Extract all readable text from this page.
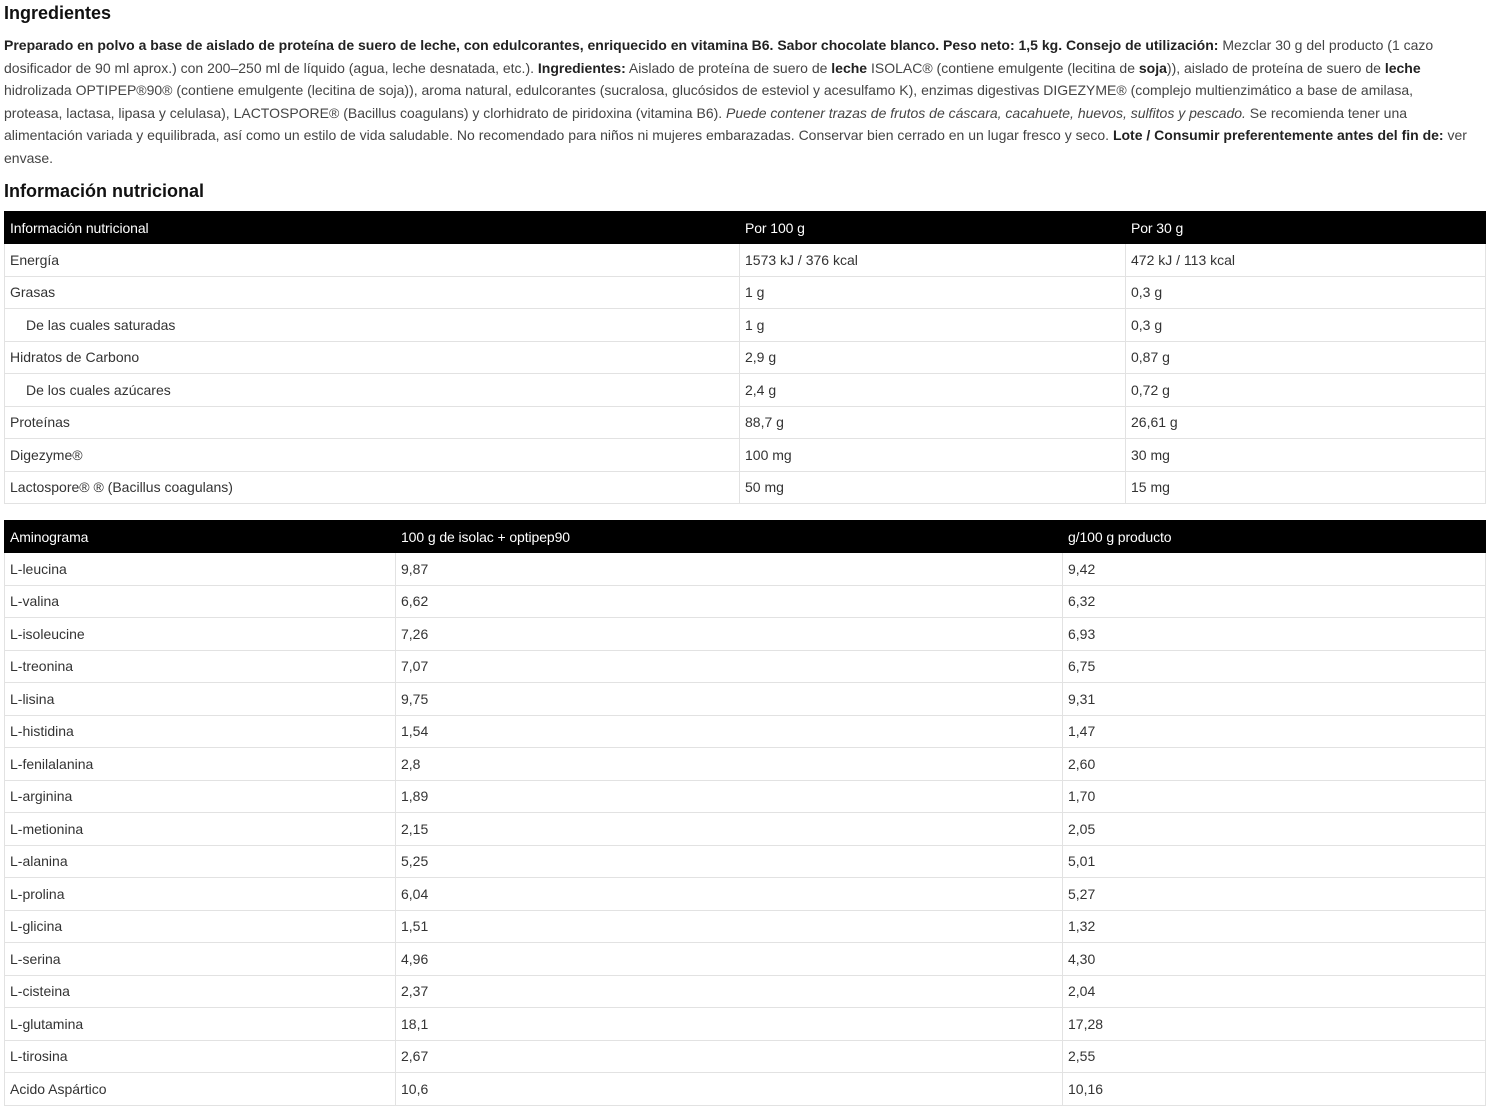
Ingredientes

Preparado en polvo a base de aislado de proteína de suero de leche, con edulcorantes, enriquecido en vitamina B6. Sabor chocolate blanco. Peso neto: 1,5 kg. Consejo de utilización: Mezclar 30 g del producto (1 cazo dosificador de 90 ml aprox.) con 200–250 ml de líquido (agua, leche desnatada, etc.). Ingredientes: Aislado de proteína de suero de leche ISOLAC® (contiene emulgente (lecitina de soja)), aislado de proteína de suero de leche hidrolizada OPTIPEP®90® (contiene emulgente (lecitina de soja)), aroma natural, edulcorantes (sucralosa, glucósidos de esteviol y acesulfamo K), enzimas digestivas DIGEZYME® (complejo multienzimático a base de amilasa, proteasa, lactasa, lipasa y celulasa), LACTOSPORE® (Bacillus coagulans) y clorhidrato de piridoxina (vitamina B6). Puede contener trazas de frutos de cáscara, cacahuete, huevos, sulfitos y pescado. Se recomienda tener una alimentación variada y equilibrada, así como un estilo de vida saludable. No recomendado para niños ni mujeres embarazadas. Conservar bien cerrado en un lugar fresco y seco. Lote / Consumir preferentemente antes del fin de: ver envase.

Información nutricional
Información nutricional	Por 100 g	Por 30 g
Energía	1573 kJ / 376 kcal	472 kJ / 113 kcal
Grasas	1 g	0,3 g
De las cuales saturadas	1 g	0,3 g
Hidratos de Carbono	2,9 g	0,87 g
De los cuales azúcares	2,4 g	0,72 g
Proteínas	88,7 g	26,61 g
Digezyme®	100 mg	30 mg
Lactospore® ® (Bacillus coagulans)	50 mg	15 mg
Aminograma	100 g de isolac + optipep90	g/100 g producto
L-leucina	9,87	9,42
L-valina	6,62	6,32
L-isoleucine	7,26	6,93
L-treonina	7,07	6,75
L-lisina	9,75	9,31
L-histidina	1,54	1,47
L-fenilalanina	2,8	2,60
L-arginina	1,89	1,70
L-metionina	2,15	2,05
L-alanina	5,25	5,01
L-prolina	6,04	5,27
L-glicina	1,51	1,32
L-serina	4,96	4,30
L-cisteina	2,37	2,04
L-glutamina	18,1	17,28
L-tirosina	2,67	2,55
Acido Aspártico	10,6	10,16
